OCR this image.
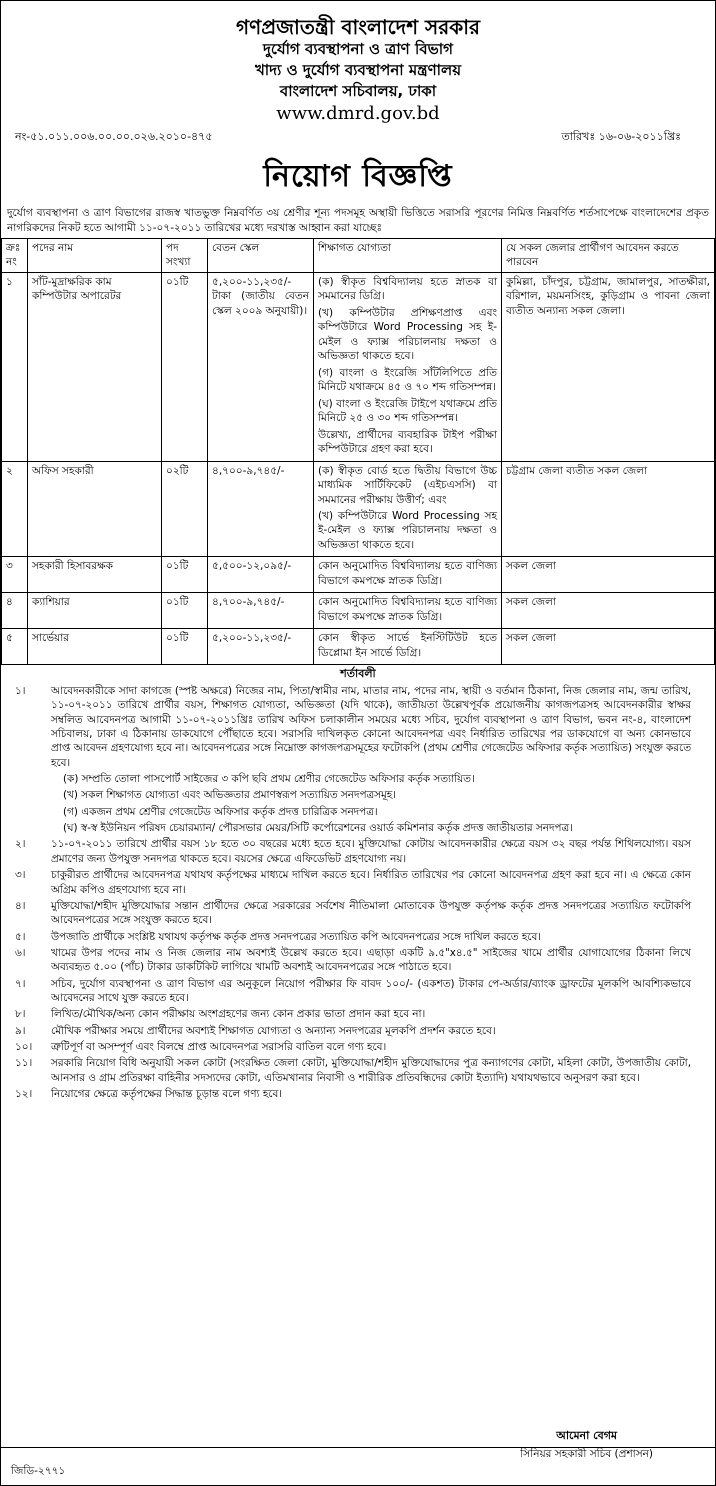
গণপ্রজাতন্ত্রী বাংলাদেশ সরকার
দুর্যোগ ব্যবস্থাপনা ও ত্রাণ বিভাগ
খাদ্য ও দুর্যোগ ব্যবস্থাপনা মন্ত্রণালয়
বাংলাদেশ সচিবালয়, ঢাকা
www.dmrd.gov.bd
নং-৫১.০১১.০০৬.০০.০০.০২৬.২০১০-৪৭৫	তারিখঃ ১৬-০৬-২০১১খ্রিঃ
নিয়োগ বিজ্ঞপ্তি
দুর্যোগ ব্যবস্থাপনা ও ত্রাণ বিভাগের রাজস্ব খাতভুক্ত নিম্নবর্ণিত ৩য় শ্রেণীর শূন্য পদসমূহ অস্থায়ী ভিত্তিতে সরাসরি পূরণের নিমিত্ত নিম্নবর্ণিত শর্তসাপেক্ষে বাংলাদেশের প্রকৃত নাগরিকদের নিকট হতে আগামী ১১-০৭-২০১১ তারিখের মধ্যে দরখাস্ত আহ্বান করা যাচ্ছেঃ
ক্রঃ নং	পদের নাম	পদ সংখ্যা	বেতন স্কেল	শিক্ষাগত যোগ্যতা	যে সকল জেলার প্রার্থীগণ আবেদন করতে পারবেন
১	সাঁট-মুদ্রাক্ষরিক কাম কম্পিউটার অপারেটর	০১টি	৫,২০০-১১,২৩৫/- টাকা (জাতীয় বেতন স্কেল ২০০৯ অনুযায়ী)।	(ক) স্বীকৃত বিশ্ববিদ্যালয় হতে স্নাতক বা সমমানের ডিগ্রি।
(খ) কম্পিউটার প্রশিক্ষণপ্রাপ্ত এবং কম্পিউটারে Word Processing সহ ই-মেইল ও ফ্যাক্স পরিচালনায় দক্ষতা ও অভিজ্ঞতা থাকতে হবে।
(গ) বাংলা ও ইংরেজি সাঁটলিপিতে প্রতি মিনিটে যথাক্রমে ৪৫ ও ৭০ শব্দ গতিসম্পন্ন।
(ঘ) বাংলা ও ইংরেজি টাইপে যথাক্রমে প্রতি মিনিটে ২৫ ও ৩০ শব্দ গতিসম্পন্ন।
উল্লেখ্য, প্রার্থীদের ব্যবহারিক টাইপ পরীক্ষা কম্পিউটারে গ্রহণ করা হবে।	কুমিল্লা, চাঁদপুর, চট্টগ্রাম, জামালপুর, সাতক্ষীরা, বরিশাল, ময়মনসিংহ, কুড়িগ্রাম ও পাবনা জেলা ব্যতীত অন্যান্য সকল জেলা।
২	অফিস সহকারী	০২টি	৪,৭০০-৯,৭৪৫/-	(ক) স্বীকৃত বোর্ড হতে দ্বিতীয় বিভাগে উচ্চ মাধ্যমিক সার্টিফিকেট (এইচএসসি) বা সমমানের পরীক্ষায় উত্তীর্ণ; এবং
(খ) কম্পিউটারে Word Processing সহ ই-মেইল ও ফ্যাক্স পরিচালনায় দক্ষতা ও অভিজ্ঞতা থাকতে হবে।	চট্টগ্রাম জেলা ব্যতীত সকল জেলা
৩	সহকারী হিসাবরক্ষক	০১টি	৫,৫০০-১২,০৯৫/-	কোন অনুমোদিত বিশ্ববিদ্যালয় হতে বাণিজ্য বিভাগে কমপক্ষে স্নাতক ডিগ্রি।	সকল জেলা
৪	ক্যাশিয়ার	০১টি	৪,৭০০-৯,৭৪৫/-	কোন অনুমোদিত বিশ্ববিদ্যালয় হতে বাণিজ্য বিভাগে কমপক্ষে স্নাতক ডিগ্রি।	সকল জেলা
৫	সার্ভেয়ার	০১টি	৫,২০০-১১,২৩৫/-	কোন স্বীকৃত সার্ভে ইনস্টিটিউট হতে ডিপ্লোমা ইন সার্ভে ডিগ্রি।	সকল জেলা
শর্তাবলী
১।	আবেদনকারীকে সাদা কাগজে (স্পষ্ট অক্ষরে) নিজের নাম, পিতা/স্বামীর নাম, মাতার নাম, পদের নাম, স্থায়ী ও বর্তমান ঠিকানা, নিজ জেলার নাম, জন্ম তারিখ, ১১-০৭-২০১১ তারিখে প্রার্থীর বয়স, শিক্ষাগত যোগ্যতা, অভিজ্ঞতা (যদি থাকে), জাতীয়তা উল্লেখপূর্বক প্রয়োজনীয় কাগজপত্রসহ আবেদনকারীর স্বাক্ষর সম্বলিত আবেদনপত্র আগামী ১১-০৭-২০১১খ্রিঃ তারিখ অফিস চলাকালীন সময়ের মধ্যে সচিব, দুর্যোগ ব্যবস্থাপনা ও ত্রাণ বিভাগ, ভবন নং-৪, বাংলাদেশ সচিবালয়, ঢাকা এ ঠিকানায় ডাকযোগে পৌঁছাতে হবে। সরাসরি দাখিলকৃত কোনো আবেদনপত্র এবং নির্ধারিত তারিখের পর ডাকযোগে বা অন্য কোনভাবে প্রাপ্ত আবেদন গ্রহণযোগ্য হবে না। আবেদনপত্রের সঙ্গে নিম্নোক্ত কাগজপত্রসমূহের ফটোকপি (প্রথম শ্রেণীর গেজেটেড অফিসার কর্তৃক সত্যায়িত) সংযুক্ত করতে হবে।
(ক) সম্প্রতি তোলা পাসপোর্ট সাইজের ৩ কপি ছবি প্রথম শ্রেণীর গেজেটেড অফিসার কর্তৃক সত্যায়িত।
(খ) সকল শিক্ষাগত যোগ্যতা এবং অভিজ্ঞতার প্রমাণস্বরূপ সত্যায়িত সনদপত্রসমূহ।
(গ) একজন প্রথম শ্রেণীর গেজেটেড অফিসার কর্তৃক প্রদত্ত চারিত্রিক সনদপত্র।
(ঘ) স্ব-স্ব ইউনিয়ন পরিষদ চেয়ারম্যান/ পৌরসভার মেয়র/সিটি কর্পোরেশনের ওয়ার্ড কমিশনার কর্তৃক প্রদত্ত জাতীয়তার সনদপত্র।
২।	১১-০৭-২০১১ তারিখে প্রার্থীর বয়স ১৮ হতে ৩০ বছরের মধ্যে হতে হবে। মুক্তিযোদ্ধা কোটায় আবেদনকারীর ক্ষেত্রে বয়স ৩২ বছর পর্যন্ত শিথিলযোগ্য। বয়স প্রমাণের জন্য উপযুক্ত সনদপত্র থাকতে হবে। বয়সের ক্ষেত্রে এফিডেভিট গ্রহণযোগ্য নয়।
৩।	চাকুরীরত প্রার্থীদের আবেদনপত্র যথাযথ কর্তৃপক্ষের মাধ্যমে দাখিল করতে হবে। নির্ধারিত তারিখের পর কোনো আবেদনপত্র গ্রহণ করা হবে না। এ ক্ষেত্রে কোন অগ্রিম কপিও গ্রহণযোগ্য হবে না।
৪।	মুক্তিযোদ্ধা/শহীদ মুক্তিযোদ্ধার সন্তান প্রার্থীদের ক্ষেত্রে সরকারের সর্বশেষ নীতিমালা মোতাবেক উপযুক্ত কর্তৃপক্ষ কর্তৃক প্রদত্ত সনদপত্রের সত্যায়িত ফটোকপি আবেদনপত্রের সঙ্গে সংযুক্ত করতে হবে।
৫।	উপজাতি প্রার্থীকে সংশ্লিষ্ট যথাযথ কর্তৃপক্ষ কর্তৃক প্রদত্ত সনদপত্রের সত্যায়িত কপি আবেদনপত্রের সঙ্গে দাখিল করতে হবে।
৬।	খামের উপর পদের নাম ও নিজ জেলার নাম অবশ্যই উল্লেখ করতে হবে। এছাড়া একটি ৯.৫"x৪.৫" সাইজের খামে প্রার্থীর যোগাযোগের ঠিকানা লিখে অব্যবহৃত ৫.০০ (পাঁচ) টাকার ডাকটিকিট লাগিয়ে খামটি অবশ্যই আবেদনপত্রের সঙ্গে পাঠাতে হবে।
৭।	সচিব, দুর্যোগ ব্যবস্থাপনা ও ত্রাণ বিভাগ এর অনুকূলে নিয়োগ পরীক্ষার ফি বাবদ ১০০/- (একশত) টাকার পে-অর্ডার/ব্যাংক ড্রাফটের মূলকপি আবশ্যিকভাবে আবেদনের সাথে যুক্ত করতে হবে।
৮।	লিখিত/মৌখিক/অন্য কোন পরীক্ষায় অংশগ্রহণের জন্য কোন প্রকার ভাতা প্রদান করা হবে না।
৯।	মৌখিক পরীক্ষার সময়ে প্রার্থীদের অবশ্যই শিক্ষাগত যোগ্যতা ও অন্যান্য সনদপত্রের মূলকপি প্রদর্শন করতে হবে।
১০।	ত্রুটিপূর্ণ বা অসম্পূর্ণ এবং বিলম্বে প্রাপ্ত আবেদনপত্র সরাসরি বাতিল বলে গণ্য হবে।
১১।	সরকারি নিয়োগ বিধি অনুযায়ী সকল কোটা (সংরক্ষিত জেলা কোটা, মুক্তিযোদ্ধা/শহীদ মুক্তিযোদ্ধাদের পুত্র কন্যাগণের কোটা, মহিলা কোটা, উপজাতীয় কোটা, আনসার ও গ্রাম প্রতিরক্ষা বাহিনীর সদস্যদের কোটা, এতিমখানার নিবাসী ও শারীরিক প্রতিবন্ধিদের কোটা ইত্যাদি) যথাযথভাবে অনুসরণ করা হবে।
১২।	নিয়োগের ক্ষেত্রে কর্তৃপক্ষের সিদ্ধান্ত চূড়ান্ত বলে গণ্য হবে।
আমেনা বেগম
সিনিয়র সহকারী সচিব (প্রশাসন)
জিডি-২৭৭১
